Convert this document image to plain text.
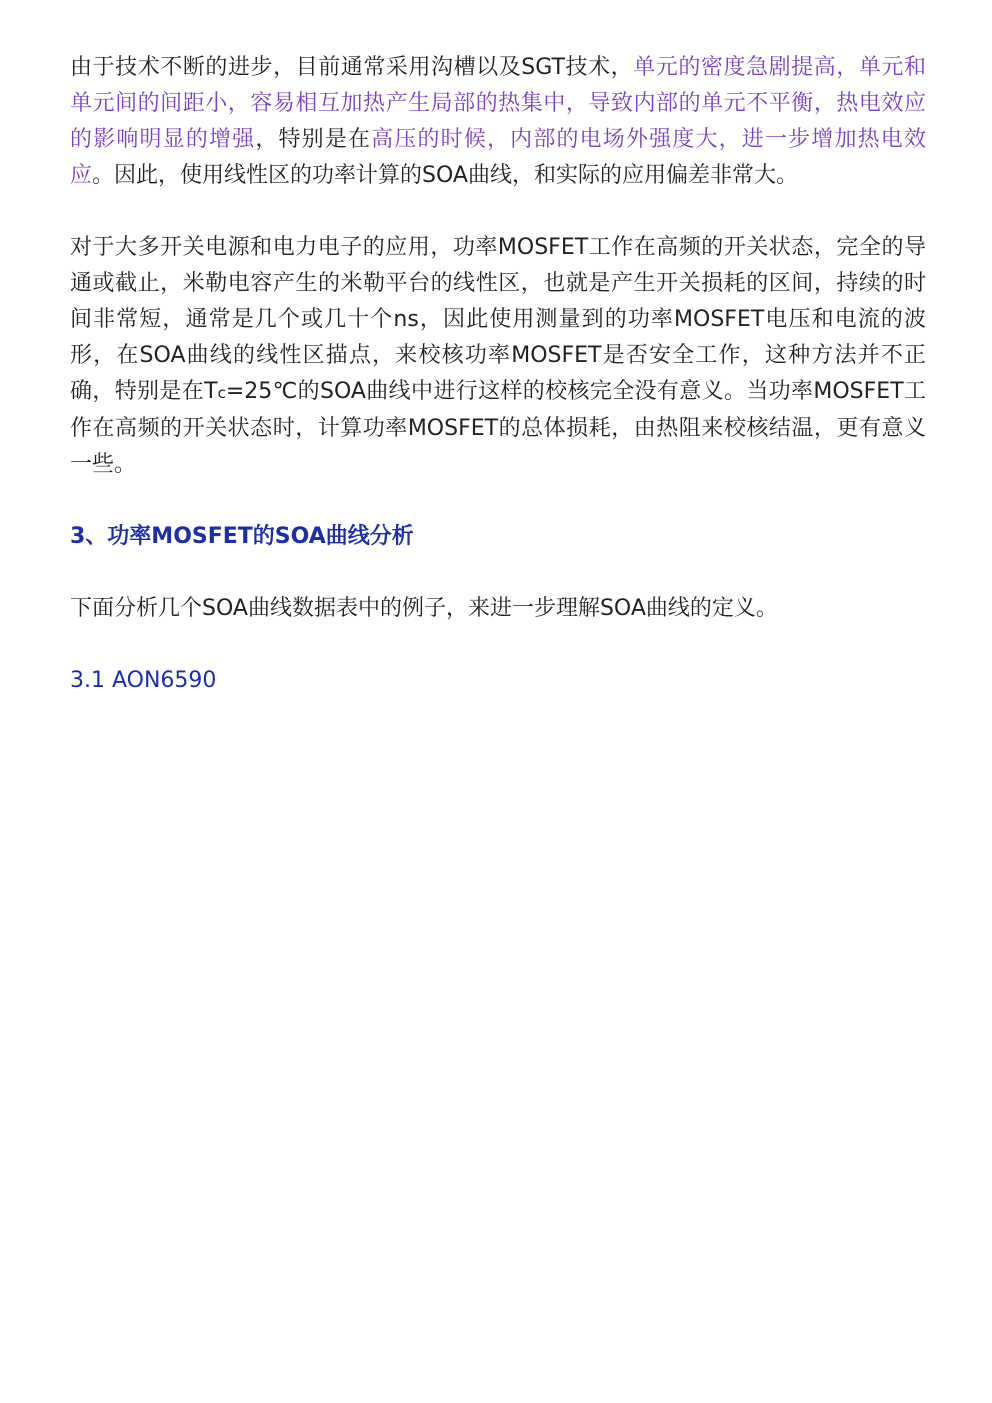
由于技术不断的进步，目前通常采用沟槽以及SGT技术，单元的密度急剧提高，单元和单元间的间距小，容易相互加热产生局部的热集中，导致内部的单元不平衡，热电效应的影响明显的增强，特别是在高压的时候，内部的电场外强度大，进一步增加热电效应。因此，使用线性区的功率计算的SOA曲线，和实际的应用偏差非常大。

对于大多开关电源和电力电子的应用，功率MOSFET工作在高频的开关状态，完全的导通或截止，米勒电容产生的米勒平台的线性区，也就是产生开关损耗的区间，持续的时间非常短，通常是几个或几十个ns，因此使用测量到的功率MOSFET电压和电流的波形，在SOA曲线的线性区描点，来校核功率MOSFET是否安全工作，这种方法并不正确，特别是在Tc=25℃的SOA曲线中进行这样的校核完全没有意义。当功率MOSFET工作在高频的开关状态时，计算功率MOSFET的总体损耗，由热阻来校核结温，更有意义一些。

3、功率MOSFET的SOA曲线分析

下面分析几个SOA曲线数据表中的例子，来进一步理解SOA曲线的定义。

3.1 AON6590
